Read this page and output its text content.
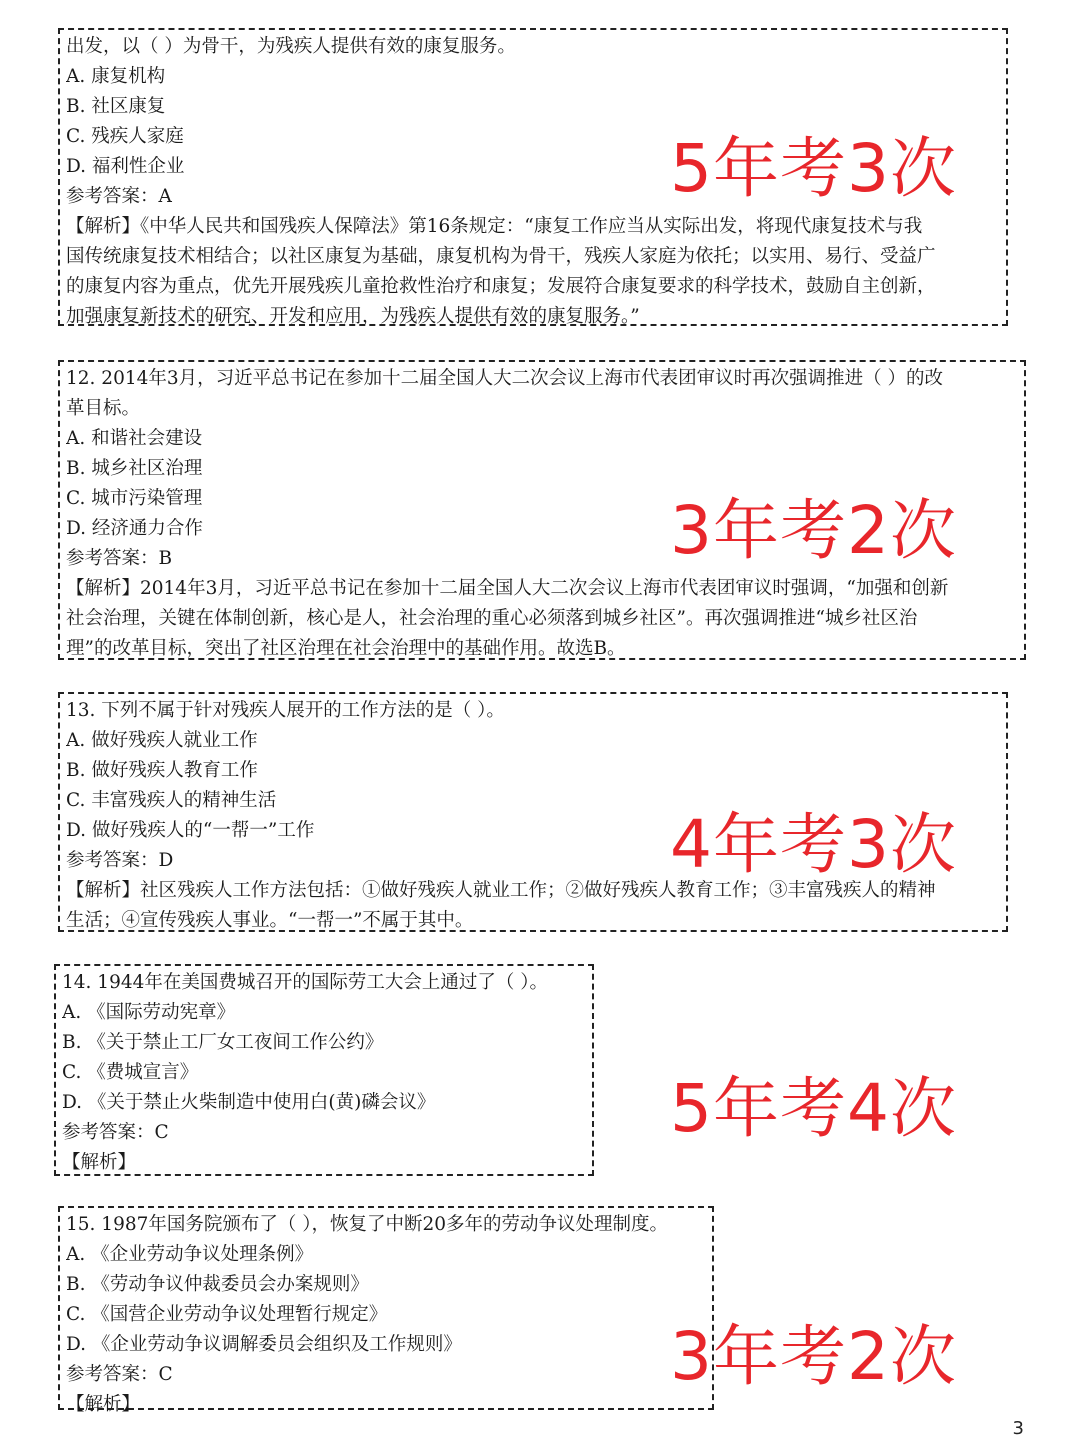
出发，以（ ）为骨干，为残疾人提供有效的康复服务。
A. 康复机构
B. 社区康复
C. 残疾人家庭
D. 福利性企业
参考答案：A
【解析】《中华人民共和国残疾人保障法》第16条规定：“康复工作应当从实际出发，将现代康复技术与我
国传统康复技术相结合；以社区康复为基础，康复机构为骨干，残疾人家庭为依托；以实用、易行、受益广
的康复内容为重点，优先开展残疾儿童抢救性治疗和康复；发展符合康复要求的科学技术，鼓励自主创新，
加强康复新技术的研究、开发和应用，为残疾人提供有效的康复服务。”
5年考3次
12. 2014年3月，习近平总书记在参加十二届全国人大二次会议上海市代表团审议时再次强调推进（ ）的改
革目标。
A. 和谐社会建设
B. 城乡社区治理
C. 城市污染管理
D. 经济通力合作
参考答案：B
【解析】2014年3月，习近平总书记在参加十二届全国人大二次会议上海市代表团审议时强调，“加强和创新
社会治理，关键在体制创新，核心是人，社会治理的重心必须落到城乡社区”。再次强调推进“城乡社区治
理”的改革目标，突出了社区治理在社会治理中的基础作用。故选B。
3年考2次
13. 下列不属于针对残疾人展开的工作方法的是（ ）。
A. 做好残疾人就业工作
B. 做好残疾人教育工作
C. 丰富残疾人的精神生活
D. 做好残疾人的“一帮一”工作
参考答案：D
【解析】社区残疾人工作方法包括：①做好残疾人就业工作；②做好残疾人教育工作；③丰富残疾人的精神
生活；④宣传残疾人事业。“一帮一”不属于其中。
4年考3次
14. 1944年在美国费城召开的国际劳工大会上通过了（ ）。
A. 《国际劳动宪章》
B. 《关于禁止工厂女工夜间工作公约》
C. 《费城宣言》
D. 《关于禁止火柴制造中使用白(黄)磷会议》
参考答案：C
【解析】
5年考4次
15. 1987年国务院颁布了（ ），恢复了中断20多年的劳动争议处理制度。
A. 《企业劳动争议处理条例》
B. 《劳动争议仲裁委员会办案规则》
C. 《国营企业劳动争议处理暂行规定》
D. 《企业劳动争议调解委员会组织及工作规则》
参考答案：C
【解析】
3年考2次
3
